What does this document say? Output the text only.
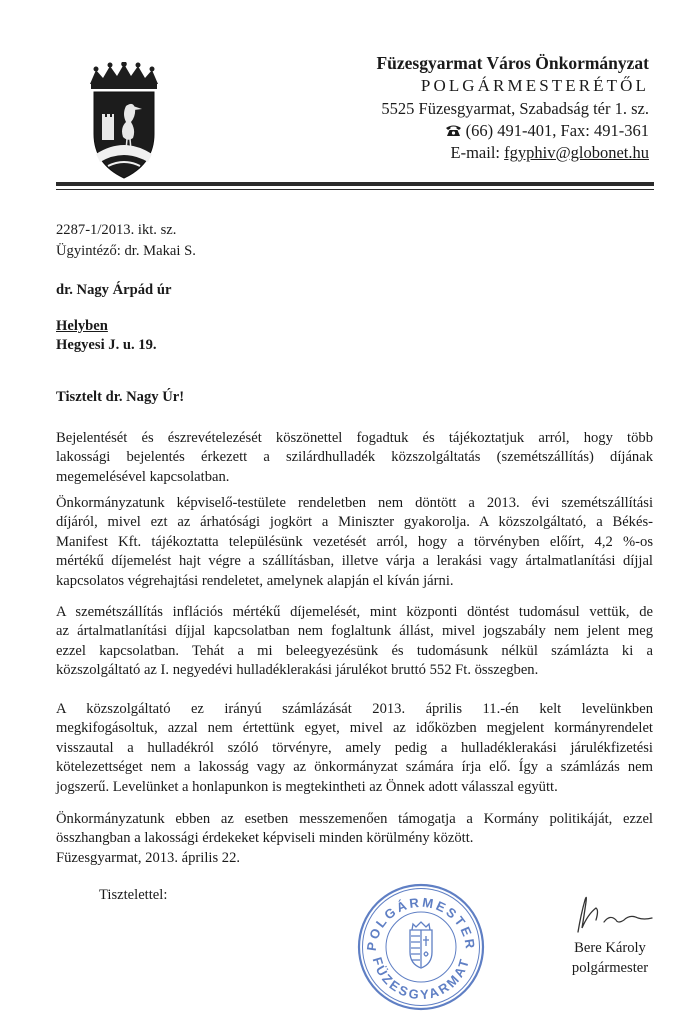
Füzesgyarmat Város Önkormányzat
POLGÁRMESTERÉTŐL
5525 Füzesgyarmat, Szabadság tér 1. sz.
(66) 491-401, Fax: 491-361
E-mail: fgyphiv@globonet.hu
2287-1/2013. ikt. sz.
Ügyintéző: dr. Makai S.
dr. Nagy Árpád úr
Helyben
Hegyesi J. u. 19.
Tisztelt dr. Nagy Úr!
Bejelentését és észrevételezését köszönettel fogadtuk és tájékoztatjuk arról, hogy több
lakossági bejelentés érkezett a szilárdhulladék közszolgáltatás (szemétszállítás) díjának
megemelésével kapcsolatban.
Önkormányzatunk képviselő-testülete rendeletben nem döntött a 2013. évi szemétszállítási
díjáról, mivel ezt az árhatósági jogkört a Miniszter gyakorolja. A közszolgáltató, a Békés-
Manifest Kft. tájékoztatta településünk vezetését arról, hogy a törvényben előírt, 4,2 %-os
mértékű díjemelést hajt végre a szállításban, illetve várja a lerakási vagy ártalmatlanítási díjjal
kapcsolatos végrehajtási rendeletet, amelynek alapján el kíván járni.
A szemétszállítás inflációs mértékű díjemelését, mint központi döntést tudomásul vettük, de
az ártalmatlanítási díjjal kapcsolatban nem foglaltunk állást, mivel jogszabály nem jelent meg
ezzel kapcsolatban. Tehát a mi beleegyezésünk és tudomásunk nélkül számlázta ki a
közszolgáltató az I. negyedévi hulladéklerakási járulékot bruttó 552 Ft. összegben.
A közszolgáltató ez irányú számlázását 2013. április 11.-én kelt levelünkben
megkifogásoltuk, azzal nem értettünk egyet, mivel az időközben megjelent kormányrendelet
visszautal a hulladékról szóló törvényre, amely pedig a hulladéklerakási járulékfizetési
kötelezettséget nem a lakosság vagy az önkormányzat számára írja elő. Így a számlázás nem
jogszerű. Levelünket a honlapunkon is megtekintheti az Önnek adott válasszal együtt.
Önkormányzatunk ebben az esetben messzemenően támogatja a Kormány politikáját, ezzel
összhangban a lakossági érdekeket képviseli minden körülmény között.
Füzesgyarmat, 2013. április 22.
Tisztelettel:
POLGÁRMESTER
FÜZESGYARMAT
Bere Károly
polgármester
